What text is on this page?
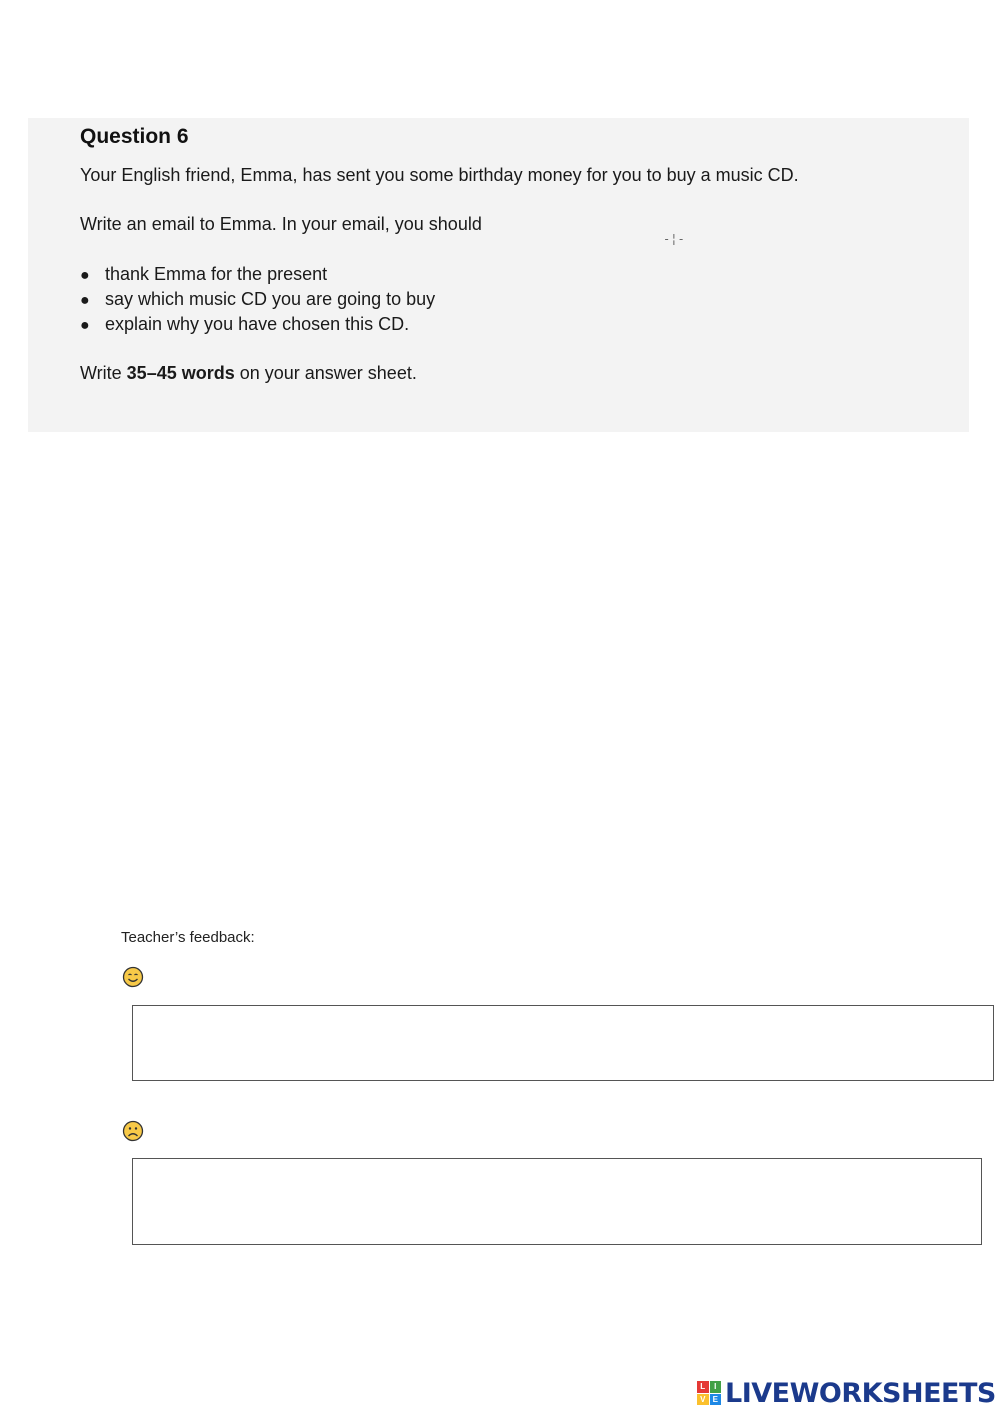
Question 6
Your English friend, Emma, has sent you some birthday money for you to buy a music CD.
Write an email to Emma. In your email, you should
-¦-
● thank Emma for the present
● say which music CD you are going to buy
● explain why you have chosen this CD.
Write 35–45 words on your answer sheet.
Teacher’s feedback:
L	I
V E LIVEWORKSHEETS
